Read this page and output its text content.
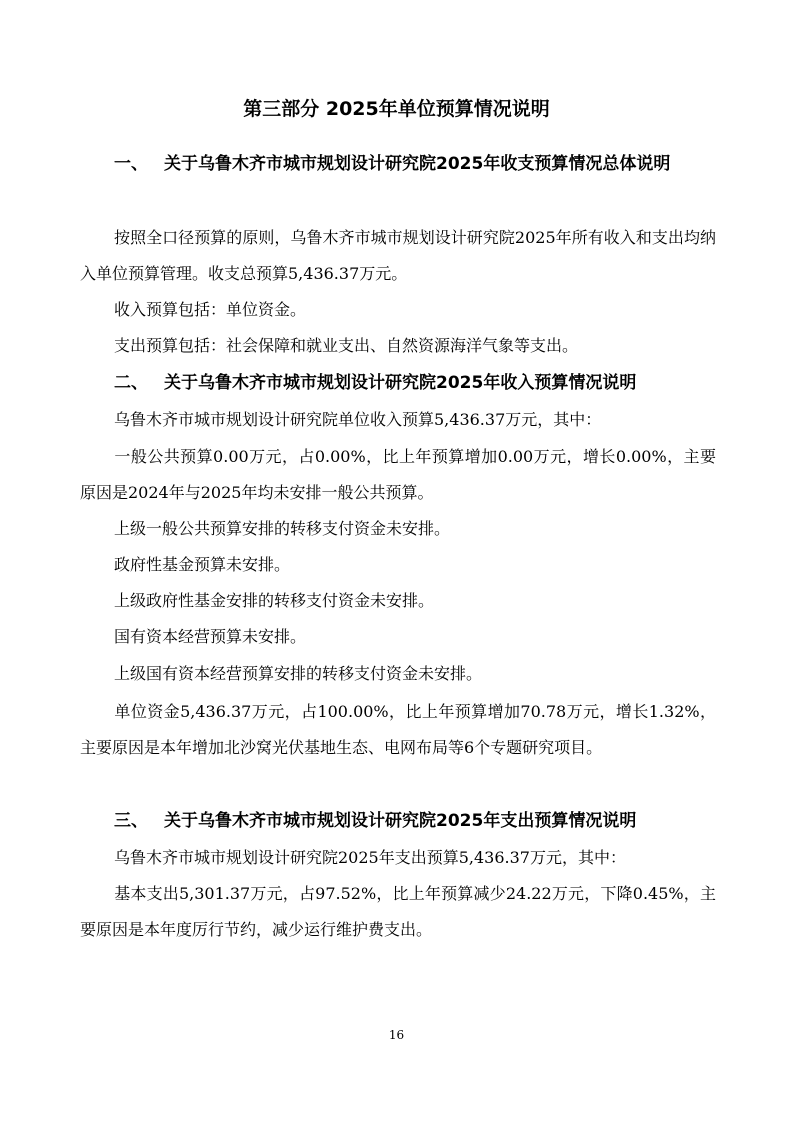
第三部分 2025年单位预算情况说明
一、 关于乌鲁木齐市城市规划设计研究院2025年收支预算情况总体说明
按照全口径预算的原则，乌鲁木齐市城市规划设计研究院2025年所有收入和支出均纳入单位预算管理。收支总预算5,436.37万元。
收入预算包括：单位资金。
支出预算包括：社会保障和就业支出、自然资源海洋气象等支出。
二、 关于乌鲁木齐市城市规划设计研究院2025年收入预算情况说明
乌鲁木齐市城市规划设计研究院单位收入预算5,436.37万元，其中：
一般公共预算0.00万元，占0.00%，比上年预算增加0.00万元，增长0.00%，主要原因是2024年与2025年均未安排一般公共预算。
上级一般公共预算安排的转移支付资金未安排。
政府性基金预算未安排。
上级政府性基金安排的转移支付资金未安排。
国有资本经营预算未安排。
上级国有资本经营预算安排的转移支付资金未安排。
单位资金5,436.37万元，占100.00%，比上年预算增加70.78万元，增长1.32%，主要原因是本年增加北沙窝光伏基地生态、电网布局等6个专题研究项目。
三、 关于乌鲁木齐市城市规划设计研究院2025年支出预算情况说明
乌鲁木齐市城市规划设计研究院2025年支出预算5,436.37万元，其中：
基本支出5,301.37万元，占97.52%，比上年预算减少24.22万元，下降0.45%，主要原因是本年度厉行节约，减少运行维护费支出。
16
